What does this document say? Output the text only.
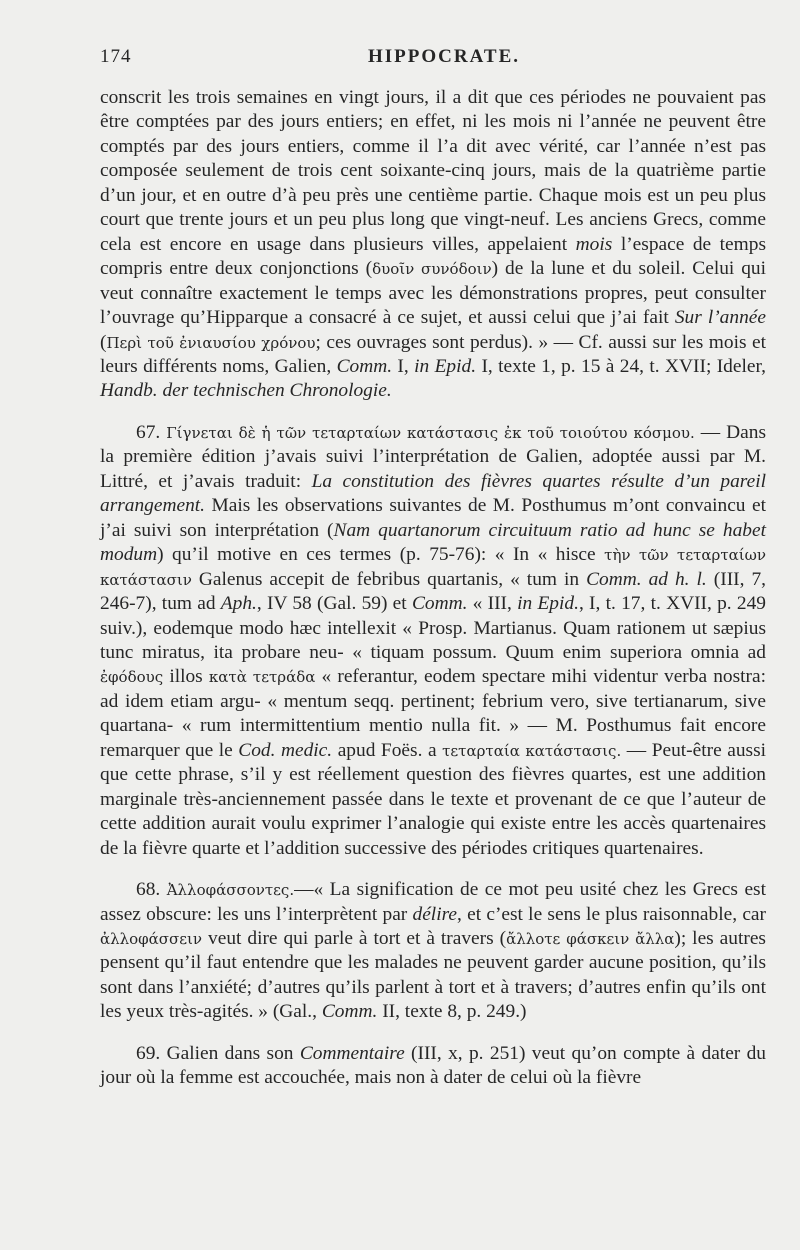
174	HIPPOCRATE.

conscrit les trois semaines en vingt jours, il a dit que ces périodes ne pouvaient pas être comptées par des jours entiers; en effet, ni les mois ni l’année ne peuvent être comptés par des jours entiers, comme il l’a dit avec vérité, car l’année n’est pas composée seulement de trois cent soixante-cinq jours, mais de la quatrième partie d’un jour, et en outre d’à peu près une centième partie. Chaque mois est un peu plus court que trente jours et un peu plus long que vingt-neuf. Les anciens Grecs, comme cela est encore en usage dans plusieurs villes, appelaient mois l’espace de temps compris entre deux conjonctions (δυοῖν συνόδοιν) de la lune et du soleil. Celui qui veut connaître exactement le temps avec les démonstrations propres, peut consulter l’ouvrage qu’Hipparque a consacré à ce sujet, et aussi celui que j’ai fait Sur l’année (Περὶ τοῦ ἐνιαυσίου χρόνου; ces ouvrages sont perdus). » — Cf. aussi sur les mois et leurs différents noms, Galien, Comm. I, in Epid. I, texte 1, p. 15 à 24, t. XVII; Ideler, Handb. der technischen Chronologie.

67. Γίγνεται δὲ ἡ τῶν τεταρταίων κατάστασις ἐκ τοῦ τοιούτου κόσμου. — Dans la première édition j’avais suivi l’interprétation de Galien, adoptée aussi par M. Littré, et j’avais traduit: La constitution des fièvres quartes résulte d’un pareil arrangement. Mais les observations suivantes de M. Posthumus m’ont convaincu et j’ai suivi son interprétation (Nam quartanorum circuituum ratio ad hunc se habet modum) qu’il motive en ces termes (p. 75-76): « In « hisce τὴν τῶν τεταρταίων κατάστασιν Galenus accepit de febribus quartanis, « tum in Comm. ad h. l. (III, 7, 246-7), tum ad Aph., IV 58 (Gal. 59) et Comm. « III, in Epid., I, t. 17, t. XVII, p. 249 suiv.), eodemque modo hæc intellexit « Prosp. Martianus. Quam rationem ut sæpius tunc miratus, ita probare neu- « tiquam possum. Quum enim superiora omnia ad ἐφόδους illos κατὰ τετράδα « referantur, eodem spectare mihi videntur verba nostra: ad idem etiam argu- « mentum seqq. pertinent; febrium vero, sive tertianarum, sive quartana- « rum intermittentium mentio nulla fit. » — M. Posthumus fait encore remarquer que le Cod. medic. apud Foës. a τεταρταία κατάστασις. — Peut-être aussi que cette phrase, s’il y est réellement question des fièvres quartes, est une addition marginale très-anciennement passée dans le texte et provenant de ce que l’auteur de cette addition aurait voulu exprimer l’analogie qui existe entre les accès quartenaires de la fièvre quarte et l’addition successive des périodes critiques quartenaires.

68. Ἀλλοφάσσοντες.—« La signification de ce mot peu usité chez les Grecs est assez obscure: les uns l’interprètent par délire, et c’est le sens le plus raisonnable, car ἀλλοφάσσειν veut dire qui parle à tort et à travers (ἄλλοτε φάσκειν ἄλλα); les autres pensent qu’il faut entendre que les malades ne peuvent garder aucune position, qu’ils sont dans l’anxiété; d’autres qu’ils parlent à tort et à travers; d’autres enfin qu’ils ont les yeux très-agités. » (Gal., Comm. II, texte 8, p. 249.)

69. Galien dans son Commentaire (III, x, p. 251) veut qu’on compte à dater du jour où la femme est accouchée, mais non à dater de celui où la fièvre
